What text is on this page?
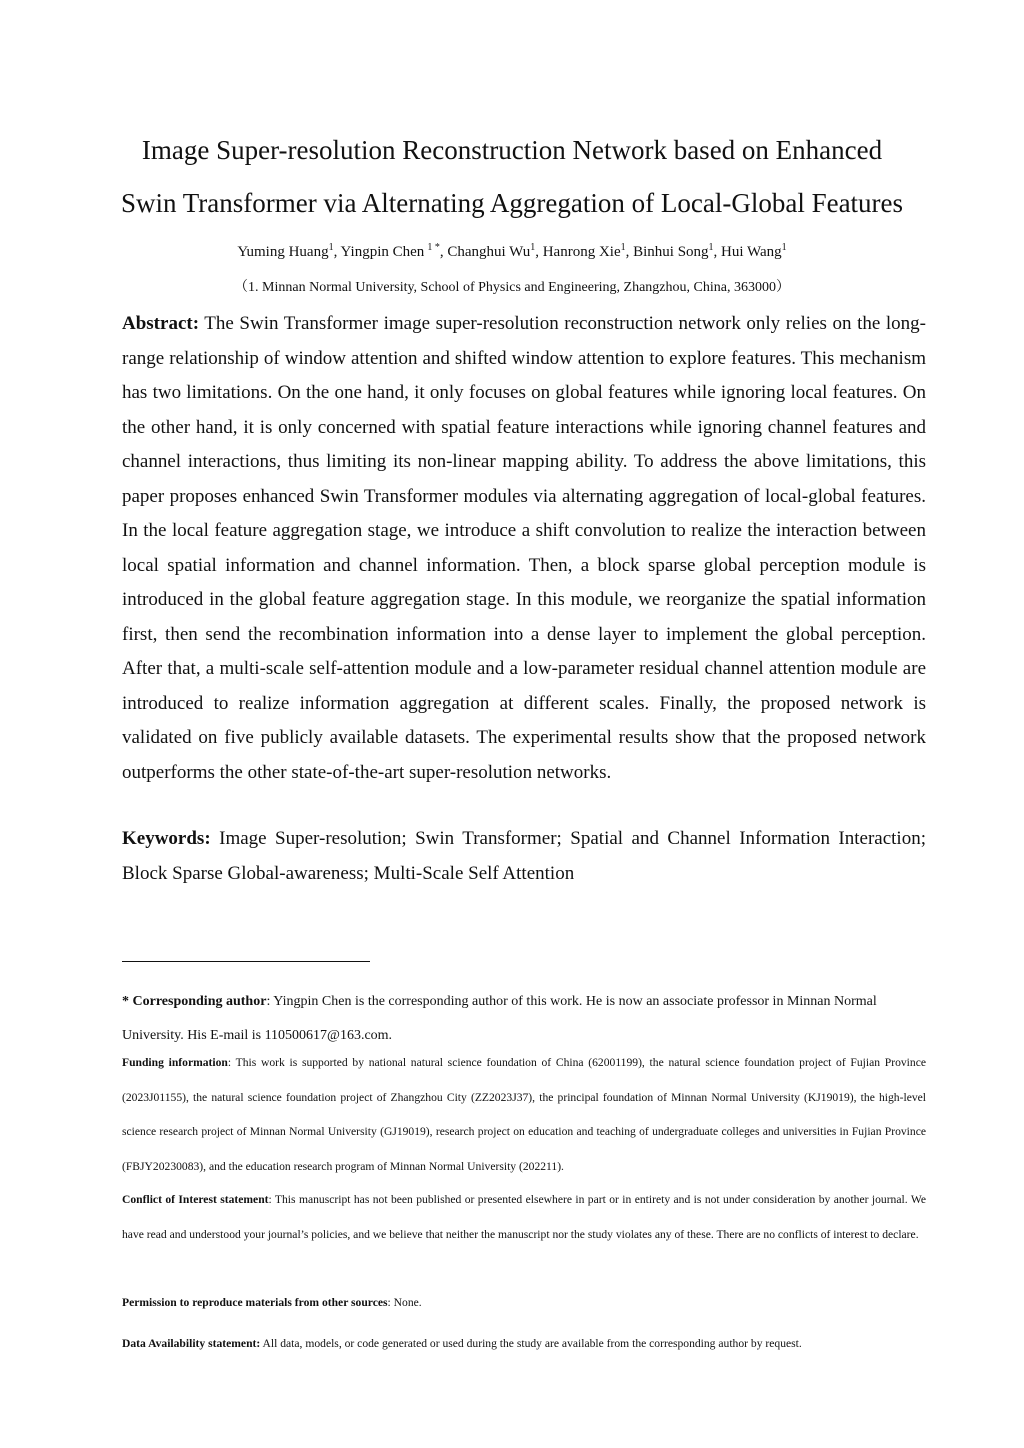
Image Super-resolution Reconstruction Network based on Enhanced
Swin Transformer via Alternating Aggregation of Local-Global Features
Yuming Huang$^1$, Yingpin Chen  $^{1 *}$, Changhui Wu$^1$, Hanrong Xie$^1$, Binhui Song$^1$, Hui Wang$^1$
（1. Minnan Normal University, School of Physics and Engineering, Zhangzhou, China, 363000）

Abstract: The Swin Transformer image super-resolution reconstruction network only relies on the long-range relationship of window attention and shifted window attention to explore features. This mechanism has two limitations. On the one hand, it only focuses on global features while ignoring local features. On the other hand, it is only concerned with spatial feature interactions while ignoring channel features and channel interactions, thus limiting its non-linear mapping ability. To address the above limitations, this paper proposes enhanced Swin Transformer modules via alternating aggregation of local-global features. In the local feature aggregation stage, we introduce a shift convolution to realize the interaction between local spatial information and channel information. Then, a block sparse global perception module is introduced in the global feature aggregation stage. In this module, we reorganize the spatial information first, then send the recombination information into a dense layer to implement the global perception. After that, a multi-scale self-attention module and a low-parameter residual channel attention module are introduced to realize information aggregation at different scales. Finally, the proposed network is validated on five publicly available datasets. The experimental results show that the proposed network outperforms the other state-of-the-art super-resolution networks.

Keywords: Image Super-resolution; Swin Transformer; Spatial and Channel Information Interaction; Block Sparse Global-awareness; Multi-Scale Self Attention

* Corresponding author: Yingpin Chen is the corresponding author of this work. He is now an associate professor in Minnan Normal University. His E-mail is 110500617@163.com.

Funding information: This work is supported by national natural science foundation of China (62001199), the natural science foundation project of Fujian Province (2023J01155), the natural science foundation project of Zhangzhou City (ZZ2023J37), the principal foundation of Minnan Normal University (KJ19019), the high-level science research project of Minnan Normal University (GJ19019), research project on education and teaching of undergraduate colleges and universities in Fujian Province (FBJY20230083), and the education research program of Minnan Normal University (202211).

Conflict of Interest statement: This manuscript has not been published or presented elsewhere in part or in entirety and is not under consideration by another journal. We have read and understood your journal’s policies, and we believe that neither the manuscript nor the study violates any of these. There are no conflicts of interest to declare.

Permission to reproduce materials from other sources: None.

Data Availability statement: All data, models, or code generated or used during the study are available from the corresponding author by request.
